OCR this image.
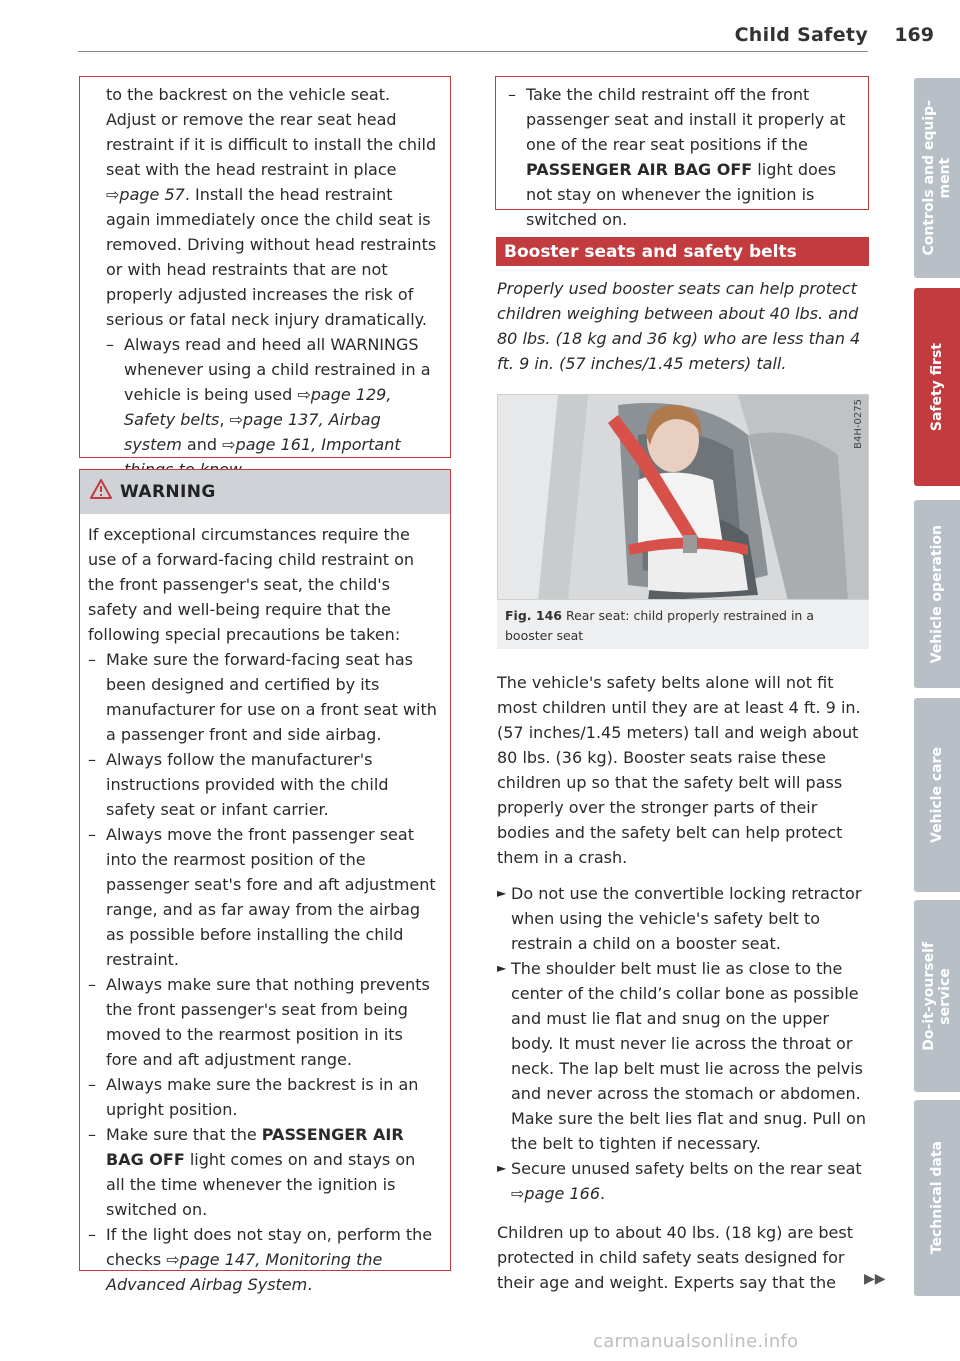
Child Safety 169
to the backrest on the vehicle seat. Adjust or remove the rear seat head restraint if it is difficult to install the child seat with the head restraint in place ⇨page 57. Install the head restraint again immediately once the child seat is removed. Driving without head restraints or with head restraints that are not properly adjusted increases the risk of serious or fatal neck injury dramatically.
– Always read and heed all WARNINGS whenever using a child restrained in a vehicle is being used ⇨page 129, Safety belts, ⇨page 137, Airbag system and ⇨page 161, Important
WARNING
If exceptional circumstances require the use of a forward-facing child restraint on the front passenger's seat, the child's safety and well-being require that the following special precautions be taken:
– Make sure the forward-facing seat has been designed and certified by its manufacturer for use on a front seat with a passenger front and side airbag.
– Always follow the manufacturer's instructions provided with the child safety seat or infant carrier.
– Always move the front passenger seat into the rearmost position of the passenger seat's fore and aft adjustment range, and as far away from the airbag as possible before installing the child restraint.
– Always make sure that nothing prevents the front passenger's seat from being moved to the rearmost position in its fore and aft adjustment range.
– Always make sure the backrest is in an upright position.
– Make sure that the PASSENGER AIR BAG OFF light comes on and stays on all the time whenever the ignition is switched on.
– If the light does not stay on, perform the checks ⇨page 147, Monitoring the Advanced Airbag System.
– Take the child restraint off the front passenger seat and install it properly at one of the rear seat positions if the PASSENGER AIR BAG OFF light does not stay on whenever the ignition is switched on.
Booster seats and safety belts
Properly used booster seats can help protect children weighing between about 40 lbs. and 80 lbs. (18 kg and 36 kg) who are less than 4 ft. 9 in. (57 inches/1.45 meters) tall.
B4H-0275
Fig. 146 Rear seat: child properly restrained in a booster seat
The vehicle's safety belts alone will not fit most children until they are at least 4 ft. 9 in. (57 inches/1.45 meters) tall and weigh about 80 lbs. (36 kg). Booster seats raise these children up so that the safety belt will pass properly over the stronger parts of their bodies and the safety belt can help protect them in a crash.
► Do not use the convertible locking retractor when using the vehicle's safety belt to restrain a child on a booster seat.
► The shoulder belt must lie as close to the center of the child’s collar bone as possible and must lie flat and snug on the upper body. It must never lie across the throat or neck. The lap belt must lie across the pelvis and never across the stomach or abdomen. Make sure the belt lies flat and snug. Pull on the belt to tighten if necessary.
► Secure unused safety belts on the rear seat ⇨page 166.
Children up to about 40 lbs. (18 kg) are best protected in child safety seats designed for their age and weight. Experts say that the	▶▶
Controls and equip-
ment
Safety first
Vehicle operation
Vehicle care
Do-it-yourself
service
Technical data
carmanualsonline.info
